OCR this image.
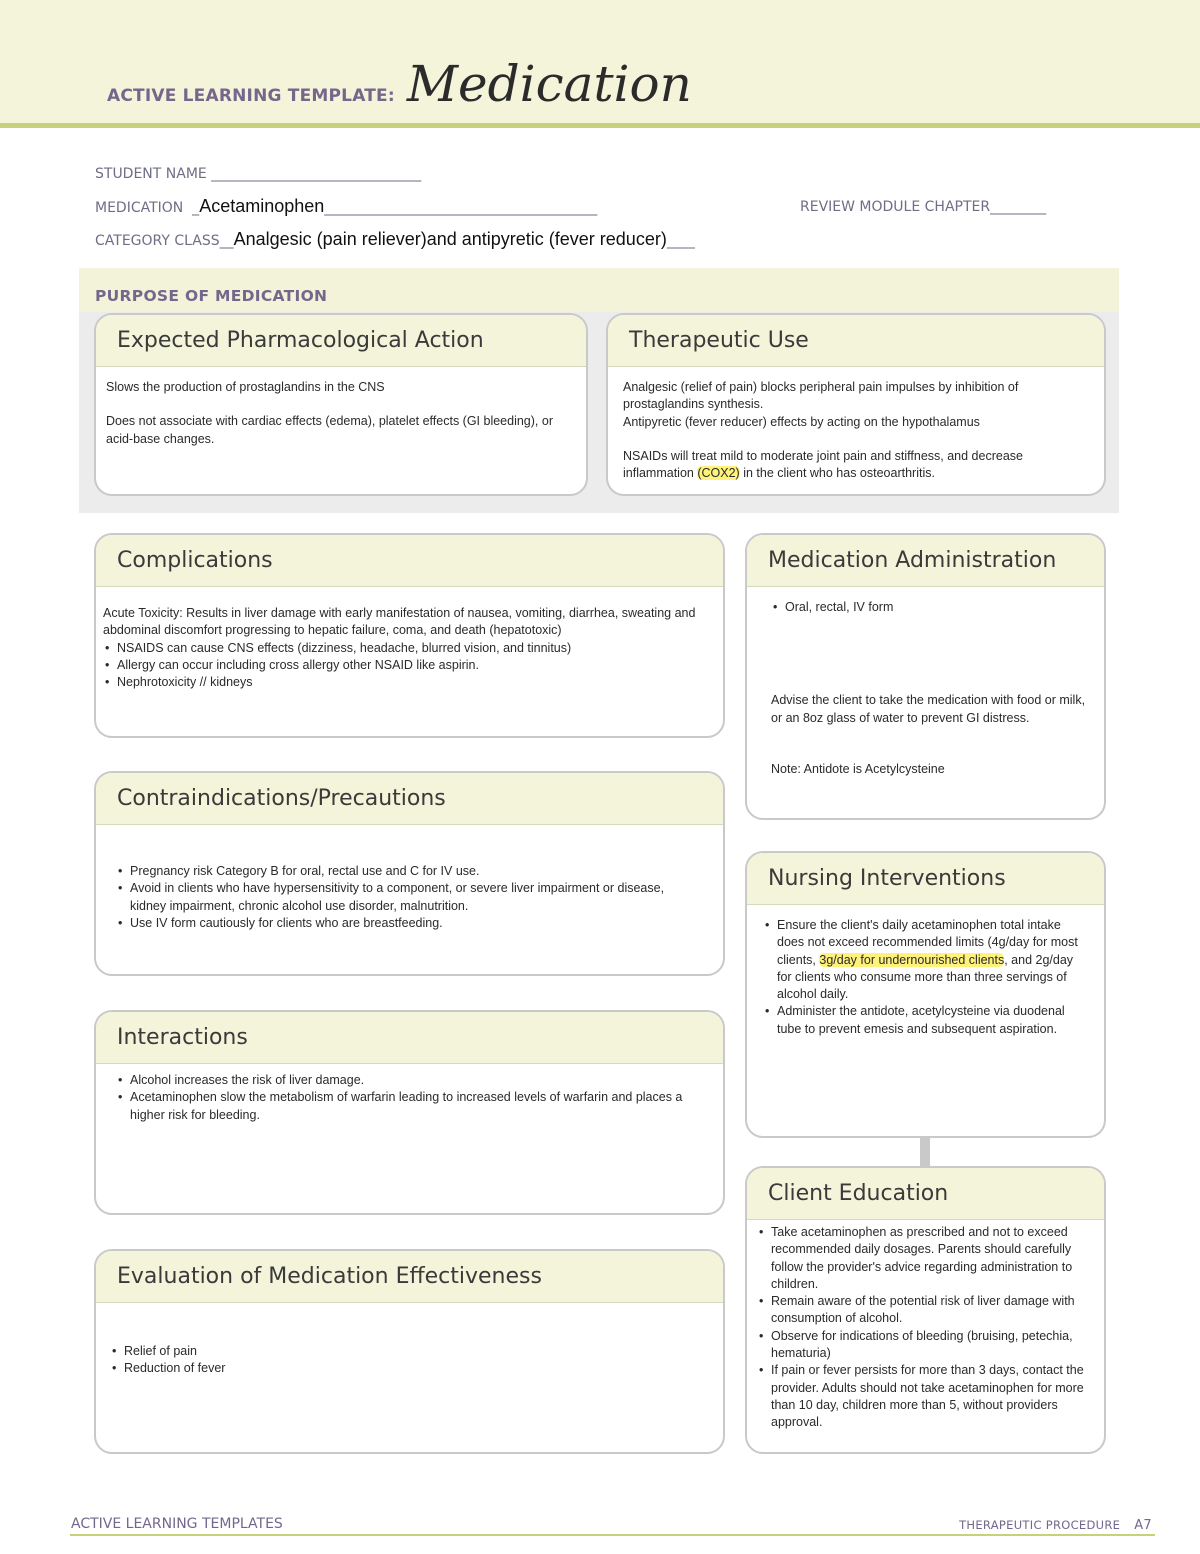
ACTIVE LEARNING TEMPLATE: Medication
STUDENT NAME ______________________________
MEDICATION  _Acetaminophen_______________________________________	REVIEW MODULE CHAPTER________
CATEGORY CLASS__Analgesic (pain reliever)and antipyretic (fever reducer)____
PURPOSE OF MEDICATION
Expected Pharmacological Action

Slows the production of prostaglandins in the CNS

Does not associate with cardiac effects (edema), platelet effects (GI bleeding), or acid-base changes.

Therapeutic Use

Analgesic (relief of pain) blocks peripheral pain impulses by inhibition of prostaglandins synthesis.

Antipyretic (fever reducer) effects by acting on the hypothalamus

NSAIDs will treat mild to moderate joint pain and stiffness, and decrease inflammation (COX2) in the client who has osteoarthritis.

Complications

Acute Toxicity: Results in liver damage with early manifestation of nausea, vomiting, diarrhea, sweating and abdominal discomfort progressing to hepatic failure, coma, and death (hepatotoxic)

• NSAIDS can cause CNS effects (dizziness, headache, blurred vision, and tinnitus)
• Allergy can occur including cross allergy other NSAID like aspirin.
• Nephrotoxicity // kidneys
Medication Administration
• Oral, rectal, IV form

Advise the client to take the medication with food or milk, or an 8oz glass of water to prevent GI distress.

Note: Antidote is Acetylcysteine

Contraindications/Precautions
• Pregnancy risk Category B for oral, rectal use and C for IV use.
• Avoid in clients who have hypersensitivity to a component, or severe liver impairment or disease, kidney impairment, chronic alcohol use disorder, malnutrition.
• Use IV form cautiously for clients who are breastfeeding.
Nursing Interventions
• Ensure the client's daily acetaminophen total intake does not exceed recommended limits (4g/day for most clients, 3g/day for undernourished clients, and 2g/day for clients who consume more than three servings of alcohol daily.
• Administer the antidote, acetylcysteine via duodenal tube to prevent emesis and subsequent aspiration.
Interactions
• Alcohol increases the risk of liver damage.
• Acetaminophen slow the metabolism of warfarin leading to increased levels of warfarin and places a higher risk for bleeding.
Client Education
• Take acetaminophen as prescribed and not to exceed recommended daily dosages. Parents should carefully follow the provider's advice regarding administration to children.
• Remain aware of the potential risk of liver damage with consumption of alcohol.
• Observe for indications of bleeding (bruising, petechia, hematuria)
• If pain or fever persists for more than 3 days, contact the provider. Adults should not take acetaminophen for more than 10 day, children more than 5, without providers approval.
Evaluation of Medication Effectiveness
• Relief of pain
• Reduction of fever
ACTIVE LEARNING TEMPLATES	THERAPEUTIC PROCEDURE A7
